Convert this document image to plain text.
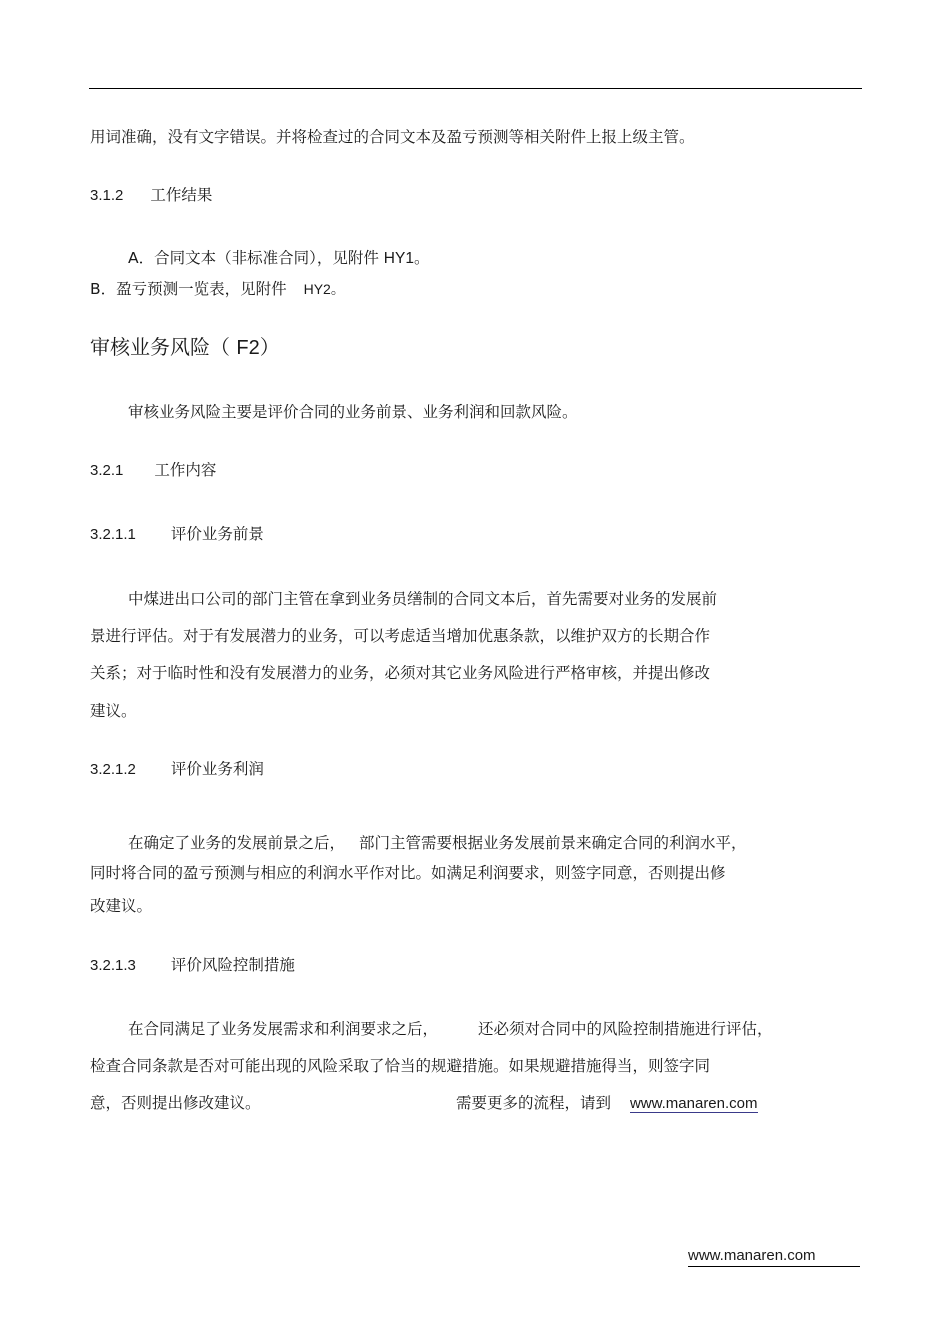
用词准确，没有文字错误。并将检查过的合同文本及盈亏预测等相关附件上报上级主管。
3.1.2 工作结果
A．合同文本（非标准合同），见附件 HY1。
B．盈亏预测一览表，见附件 HY2。
审核业务风险（ F2）
审核业务风险主要是评价合同的业务前景、业务利润和回款风险。
3.2.1 工作内容
3.2.1.1 评价业务前景
中煤进出口公司的部门主管在拿到业务员缮制的合同文本后，首先需要对业务的发展前
景进行评估。对于有发展潜力的业务，可以考虑适当增加优惠条款，以维护双方的长期合作
关系；对于临时性和没有发展潜力的业务，必须对其它业务风险进行严格审核，并提出修改
建议。
3.2.1.2 评价业务利润
在确定了业务的发展前景之后， 部门主管需要根据业务发展前景来确定合同的利润水平，
同时将合同的盈亏预测与相应的利润水平作对比。如满足利润要求，则签字同意，否则提出修
改建议。
3.2.1.3 评价风险控制措施
在合同满足了业务发展需求和利润要求之后，	还必须对合同中的风险控制措施进行评估，
检查合同条款是否对可能出现的风险采取了恰当的规避措施。如果规避措施得当，则签字同
意，否则提出修改建议。	需要更多的流程，请到 www.manaren.com
www.manaren.com
